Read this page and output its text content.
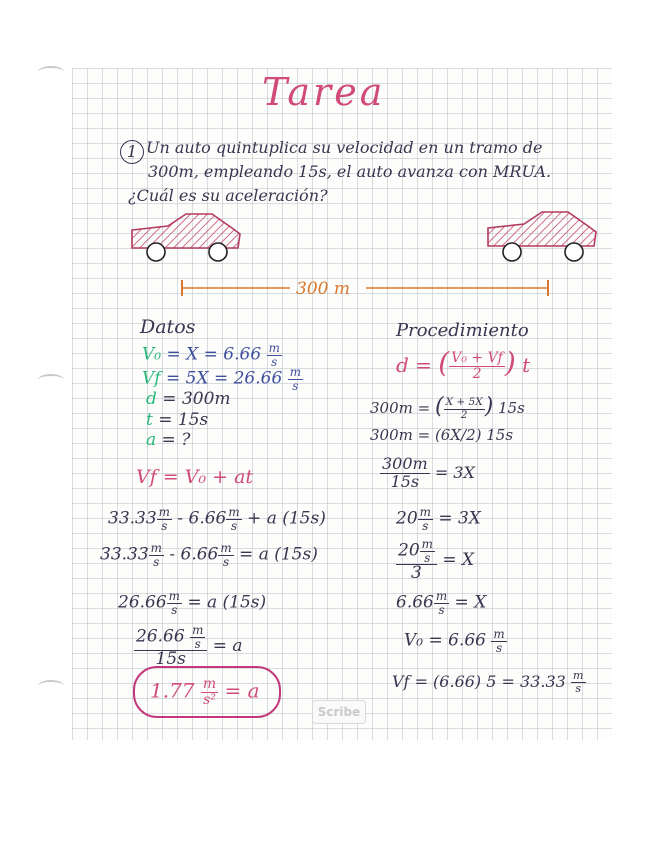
Tarea
1 Un auto quintuplica su velocidad en un tramo de
300m, empleando 15s, el auto avanza con MRUA.
¿Cuál es su aceleración?
300 m
Datos
$V_0 = X = 6.66 \frac{m}{s}$
$Vf = 5X = 26.66 \frac{m}{s}$
d = 300m
t = 15s
a = ?
Vf = V₀ + at
$33.33 \frac{m}{s} - 6.66 \frac{m}{s} + a$ (15s)
$33.33 \frac{m}{s} - 6.66 \frac{m}{s} = a$ (15s)
$26.66 \frac{m}{s} = a$ (15s)
$\frac{26.66 \frac{m}{s}}{15s} = a$
$1.77 \frac{m}{\text{s²}} = a$
Procedimiento
d = ( $\frac{\text{V₀ + Vf}}{2}$ ) t
300m = ( $\frac{X + 5X}{2}$ ) 15s
300m = (6X/2) 15s
$\frac{300m}{15s} = 3X$
$20 \frac{m}{s} = 3X$
$\frac{20 \frac{m}{s}}{3} = X$
$6.66 \frac{m}{s} = X$
$V_0 = 6.66 \frac{m}{s}$
Vf = (6.66) $5 = 33.33 \frac{m}{s}$
Scribe
